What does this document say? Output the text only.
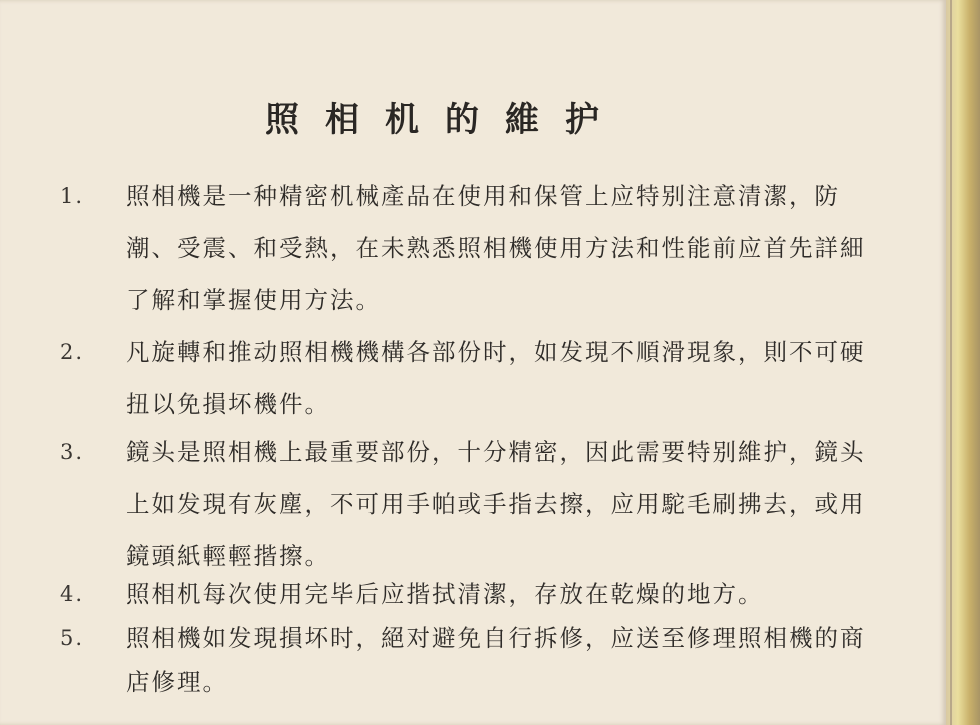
照相机的維护
1.	照相機是一种精密机械產品在使用和保管上应特别注意清潔，防潮、受震、和受熱，在未熟悉照相機使用方法和性能前应首先詳細了解和掌握使用方法。
2.	凡旋轉和推动照相機機構各部份时，如发現不順滑現象，則不可硬扭以免損坏機件。
3.	鏡头是照相機上最重要部份，十分精密，因此需要特别維护，鏡头上如发現有灰塵，不可用手帕或手指去擦，应用駝毛刷拂去，或用鏡頭紙輕輕揩擦。
4.	照相机每次使用完毕后应揩拭清潔，存放在乾燥的地方。
5.	照相機如发現損坏时，絕对避免自行拆修，应送至修理照相機的商店修理。
